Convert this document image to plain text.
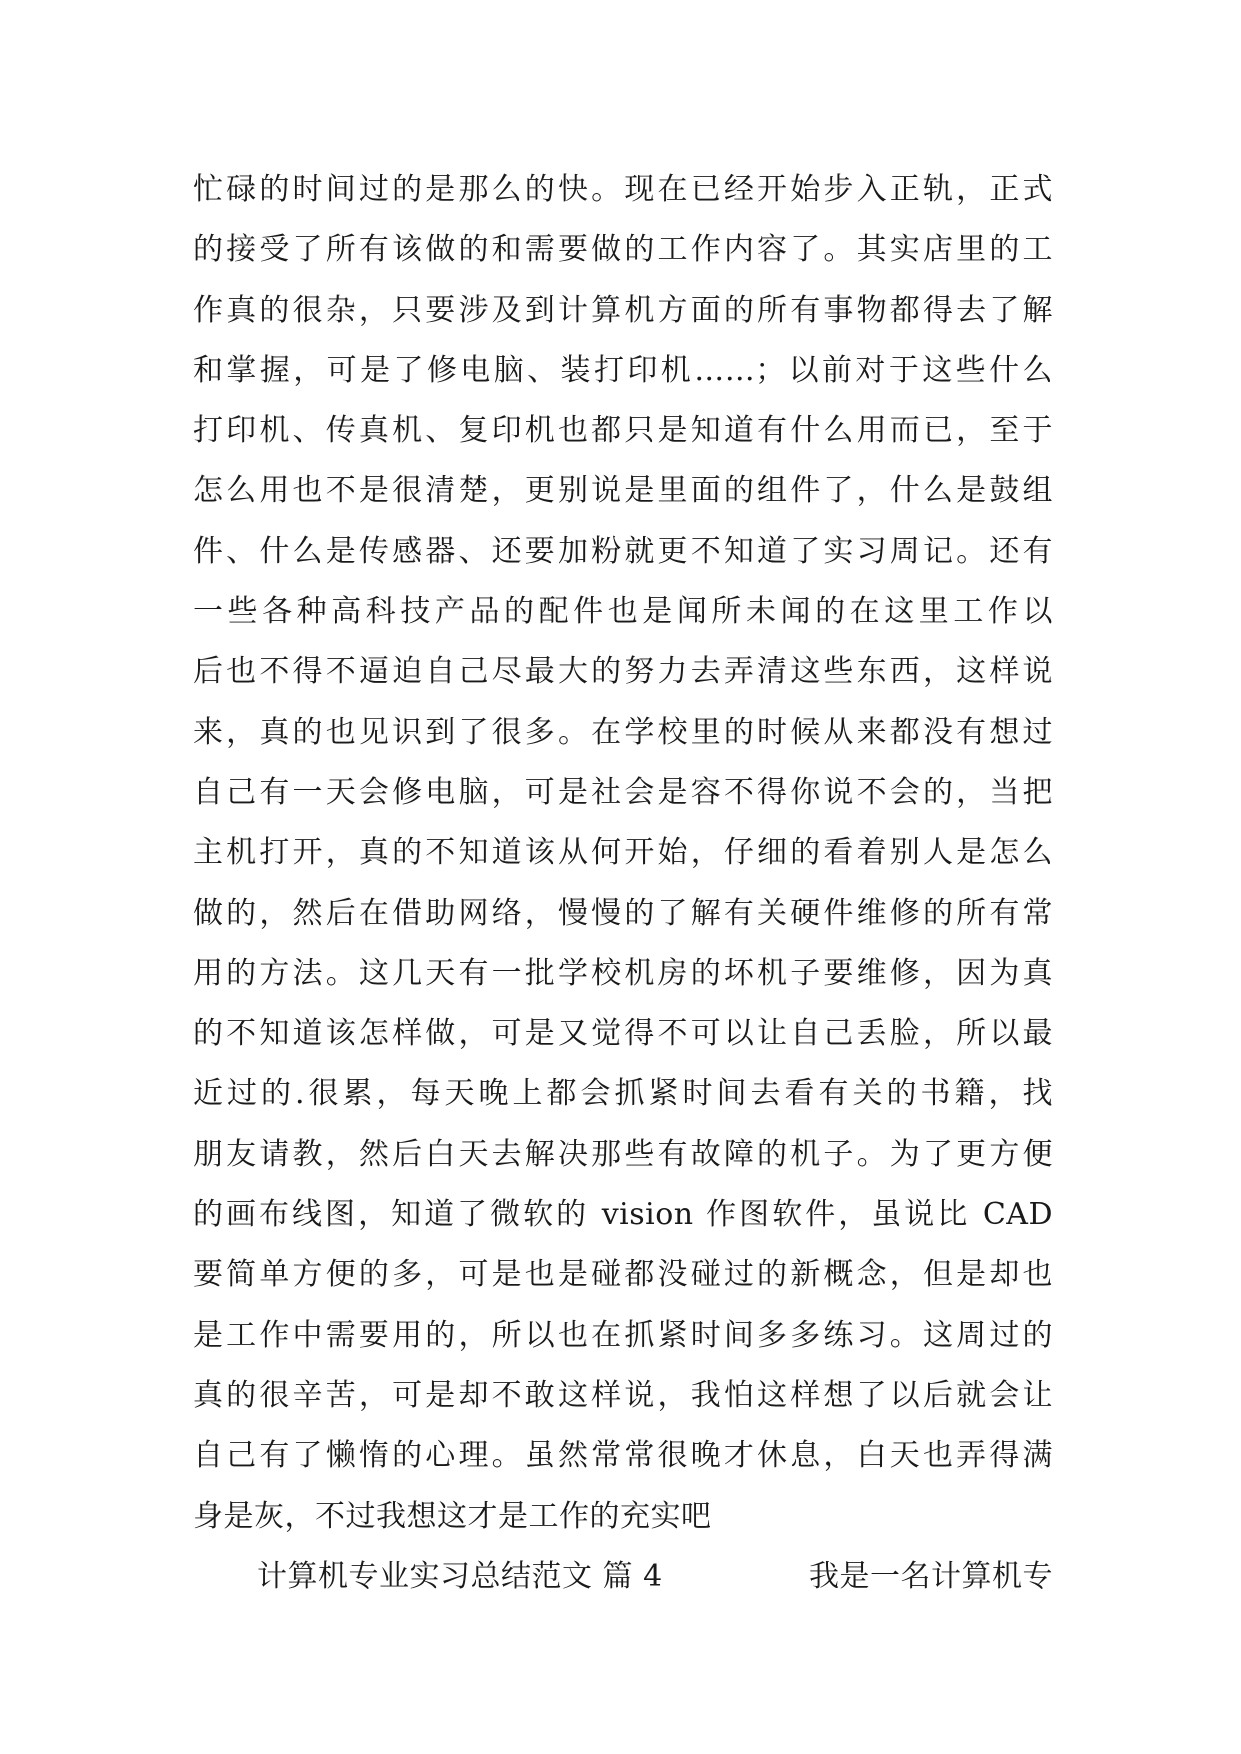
忙碌的时间过的是那么的快。现在已经开始步入正轨，正式
的接受了所有该做的和需要做的工作内容了。其实店里的工
作真的很杂，只要涉及到计算机方面的所有事物都得去了解
和掌握，可是了修电脑、装打印机……；以前对于这些什么
打印机、传真机、复印机也都只是知道有什么用而已，至于
怎么用也不是很清楚，更别说是里面的组件了，什么是鼓组
件、什么是传感器、还要加粉就更不知道了实习周记。还有
一些各种高科技产品的配件也是闻所未闻的在这里工作以
后也不得不逼迫自己尽最大的努力去弄清这些东西，这样说
来，真的也见识到了很多。在学校里的时候从来都没有想过
自己有一天会修电脑，可是社会是容不得你说不会的，当把
主机打开，真的不知道该从何开始，仔细的看着别人是怎么
做的，然后在借助网络，慢慢的了解有关硬件维修的所有常
用的方法。这几天有一批学校机房的坏机子要维修，因为真
的不知道该怎样做，可是又觉得不可以让自己丢脸，所以最
近过的.很累，每天晚上都会抓紧时间去看有关的书籍，找
朋友请教，然后白天去解决那些有故障的机子。为了更方便
的画布线图，知道了微软的 vision 作图软件，虽说比 CAD
要简单方便的多，可是也是碰都没碰过的新概念，但是却也
是工作中需要用的，所以也在抓紧时间多多练习。这周过的
真的很辛苦，可是却不敢这样说，我怕这样想了以后就会让
自己有了懒惰的心理。虽然常常很晚才休息，白天也弄得满
身是灰，不过我想这才是工作的充实吧
计算机专业实习总结范文 篇 4	我是一名计算机专
